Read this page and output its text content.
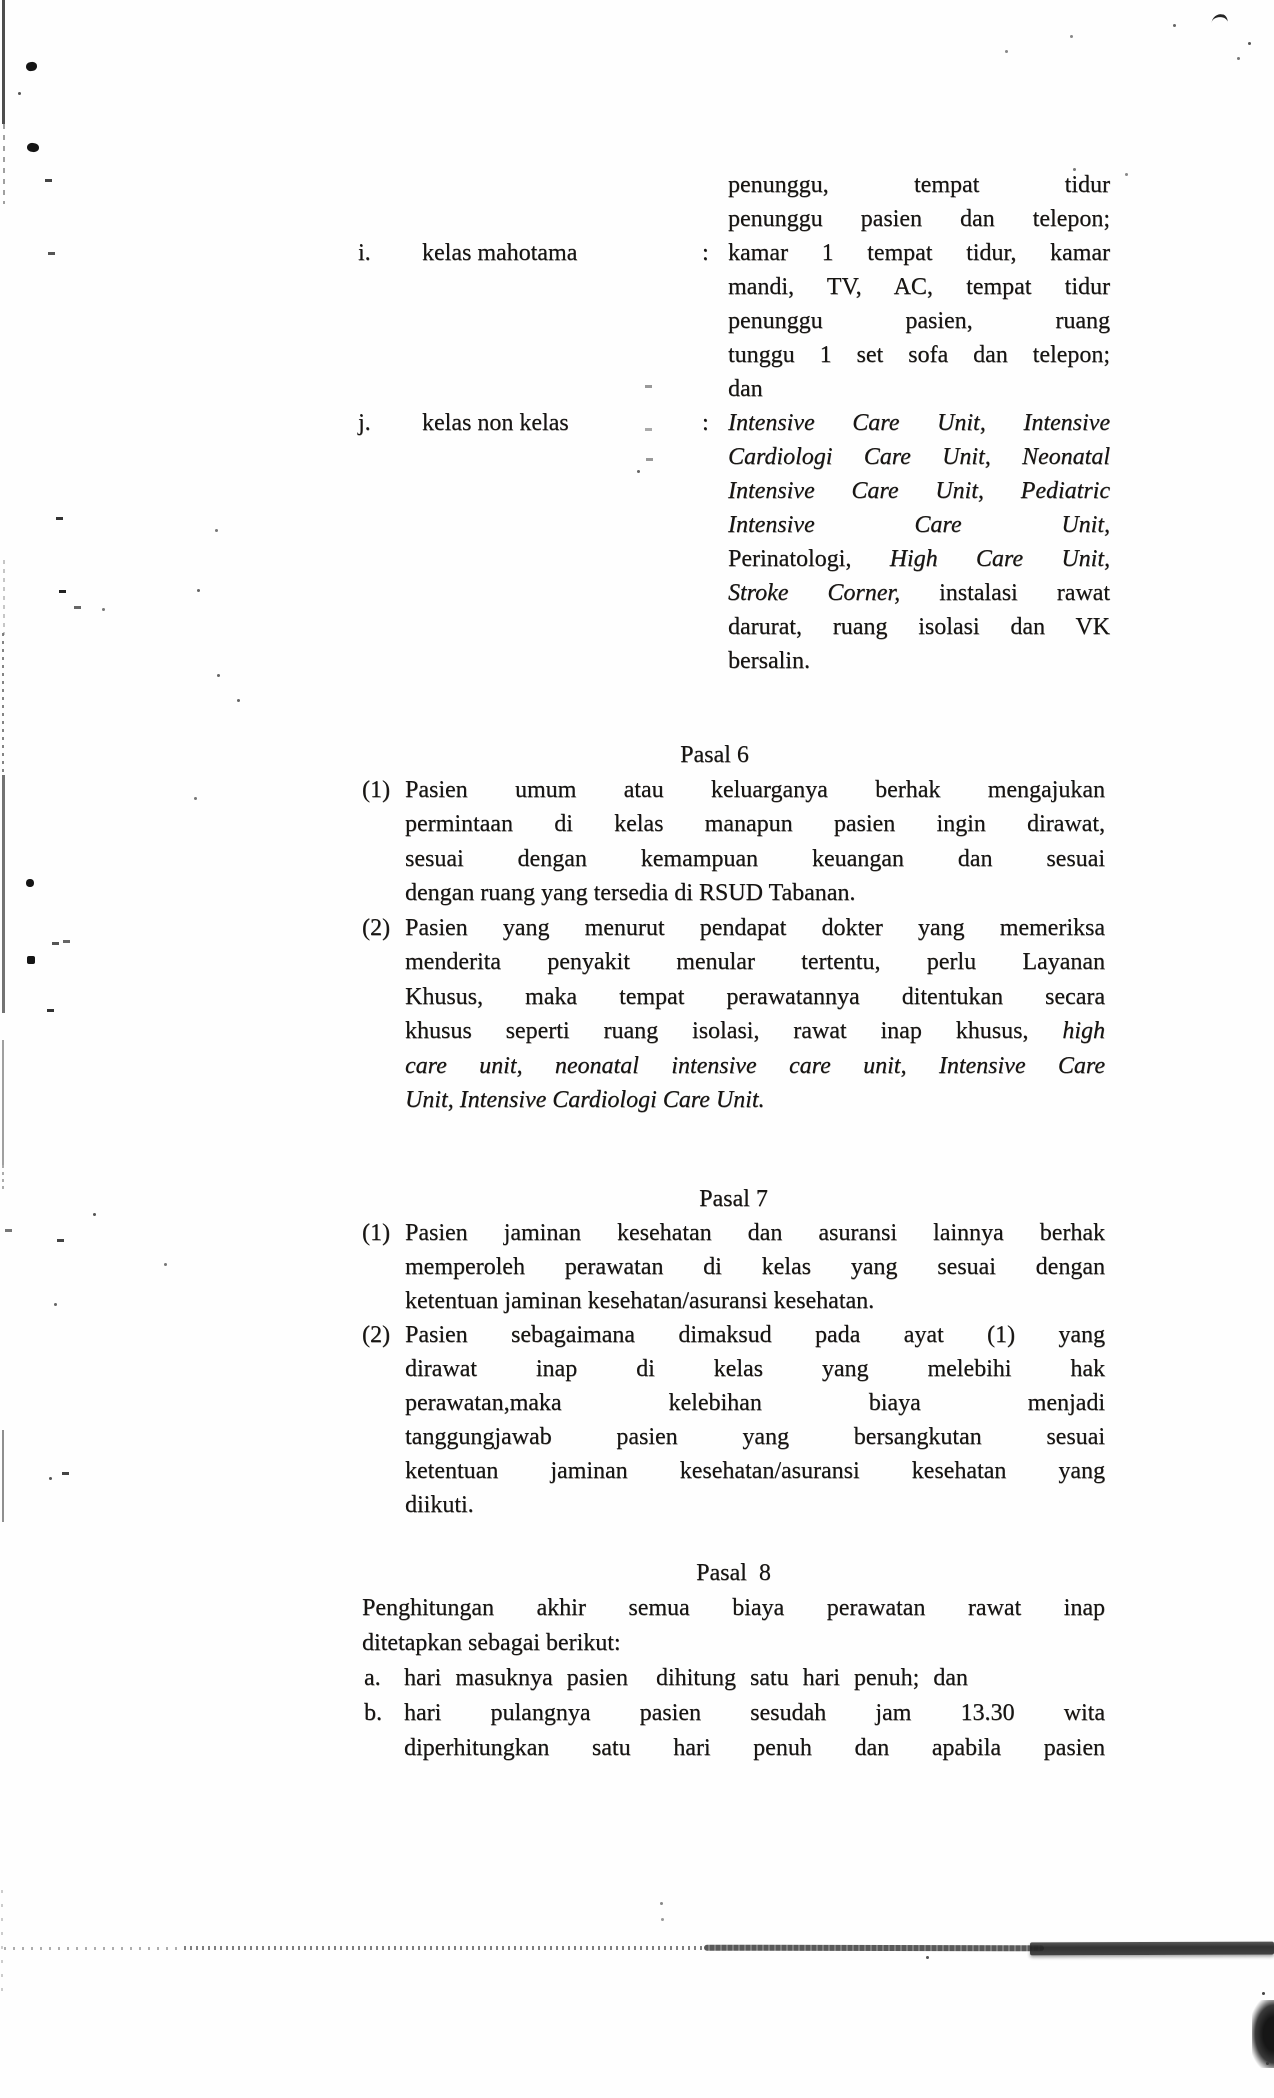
penunggu, tempat tidur
penunggu pasien dan telepon;
i.	kelas mahotama	: kamar 1 tempat tidur, kamar
mandi, TV, AC, tempat tidur
penunggu pasien, ruang
tunggu 1 set sofa dan telepon;
dan
j.	kelas non kelas	: Intensive Care Unit, Intensive
Cardiologi Care Unit, Neonatal
Intensive Care Unit, Pediatric
Intensive Care Unit,
Perinatologi, High Care Unit,
Stroke Corner, instalasi rawat
darurat, ruang isolasi dan VK
bersalin.
Pasal 6
(1) Pasien umum atau keluarganya berhak mengajukan
permintaan di kelas manapun pasien ingin dirawat,
sesuai dengan kemampuan keuangan dan sesuai
dengan ruang yang tersedia di RSUD Tabanan.
(2) Pasien yang menurut pendapat dokter yang memeriksa
menderita penyakit menular tertentu, perlu Layanan
Khusus, maka tempat perawatannya ditentukan secara
khusus seperti ruang isolasi, rawat inap khusus, high
care unit, neonatal intensive care unit, Intensive Care
Unit, Intensive Cardiologi Care Unit.
Pasal 7
(1) Pasien jaminan kesehatan dan asuransi lainnya berhak
memperoleh perawatan di kelas yang sesuai dengan
ketentuan jaminan kesehatan/asuransi kesehatan.
(2) Pasien sebagaimana dimaksud pada ayat (1) yang
dirawat inap di kelas yang melebihi hak
perawatan,maka kelebihan biaya menjadi
tanggungjawab pasien yang bersangkutan sesuai
ketentuan jaminan kesehatan/asuransi kesehatan yang
diikuti.
Pasal  8
Penghitungan akhir semua biaya perawatan rawat inap
ditetapkan sebagai berikut:
a. hari masuknya pasien  dihitung satu hari penuh; dan
b. hari pulangnya pasien sesudah jam 13.30 wita
diperhitungkan satu hari penuh dan apabila pasien
